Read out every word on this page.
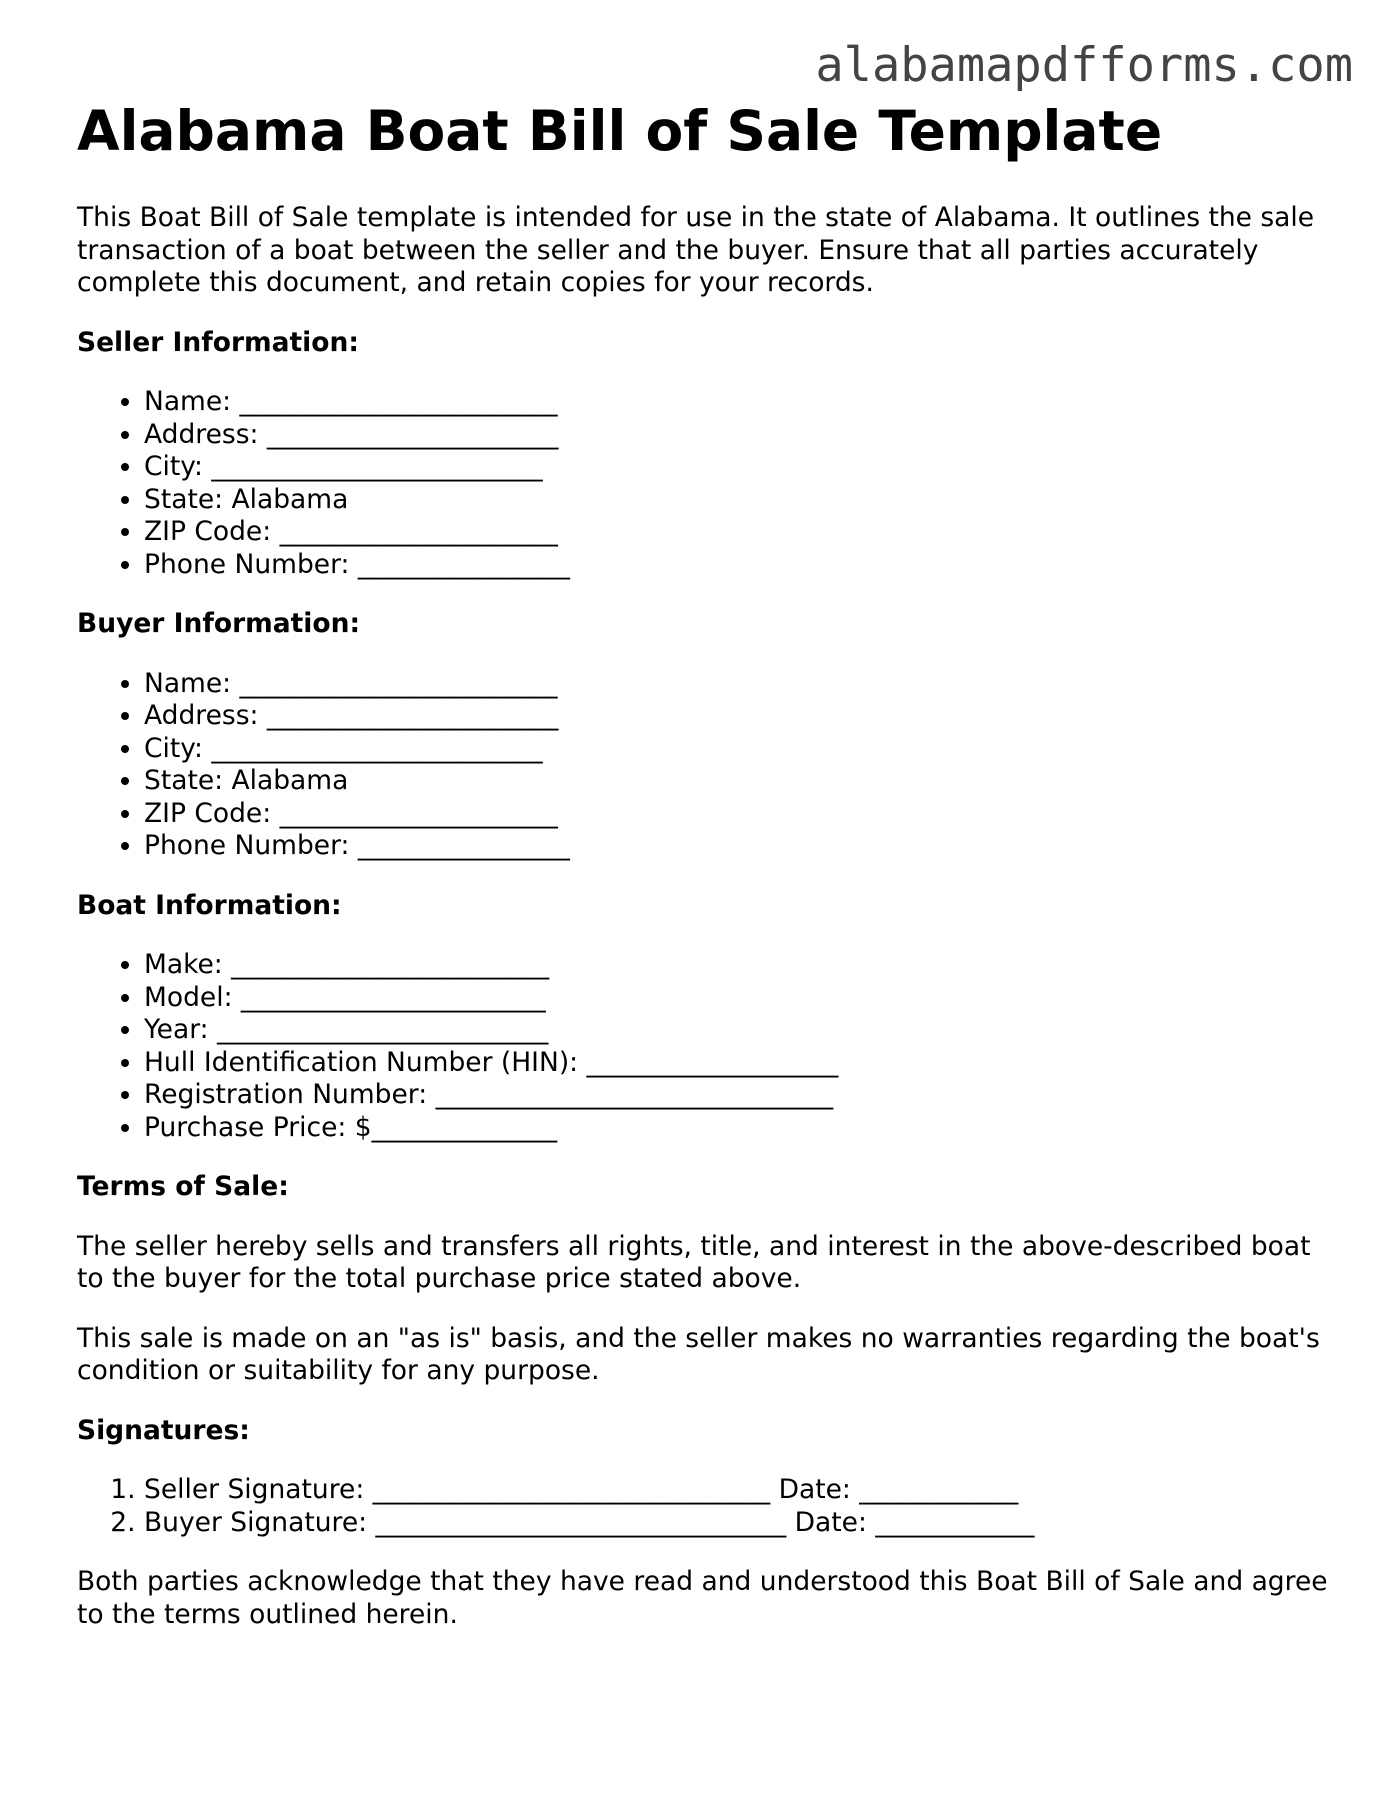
alabamapdfforms.com
Alabama Boat Bill of Sale Template

This Boat Bill of Sale template is intended for use in the state of Alabama. It outlines the sale transaction of a boat between the seller and the buyer. Ensure that all parties accurately complete this document, and retain copies for your records.

Seller Information:
• Name: ________________________
• Address: ______________________
• City: _________________________
• State: Alabama
• ZIP Code: _____________________
• Phone Number: ________________
Buyer Information:
• Name: ________________________
• Address: ______________________
• City: _________________________
• State: Alabama
• ZIP Code: _____________________
• Phone Number: ________________
Boat Information:
• Make: ________________________
• Model: _______________________
• Year: _________________________
• Hull Identification Number (HIN): ___________________
• Registration Number: ______________________________
• Purchase Price: $______________
Terms of Sale:

The seller hereby sells and transfers all rights, title, and interest in the above-described boat to the buyer for the total purchase price stated above.

This sale is made on an "as is" basis, and the seller makes no warranties regarding the boat's condition or suitability for any purpose.

Signatures:
1. Seller Signature: ______________________________ Date: ____________
2. Buyer Signature: _______________________________ Date: ____________

Both parties acknowledge that they have read and understood this Boat Bill of Sale and agree to the terms outlined herein.
